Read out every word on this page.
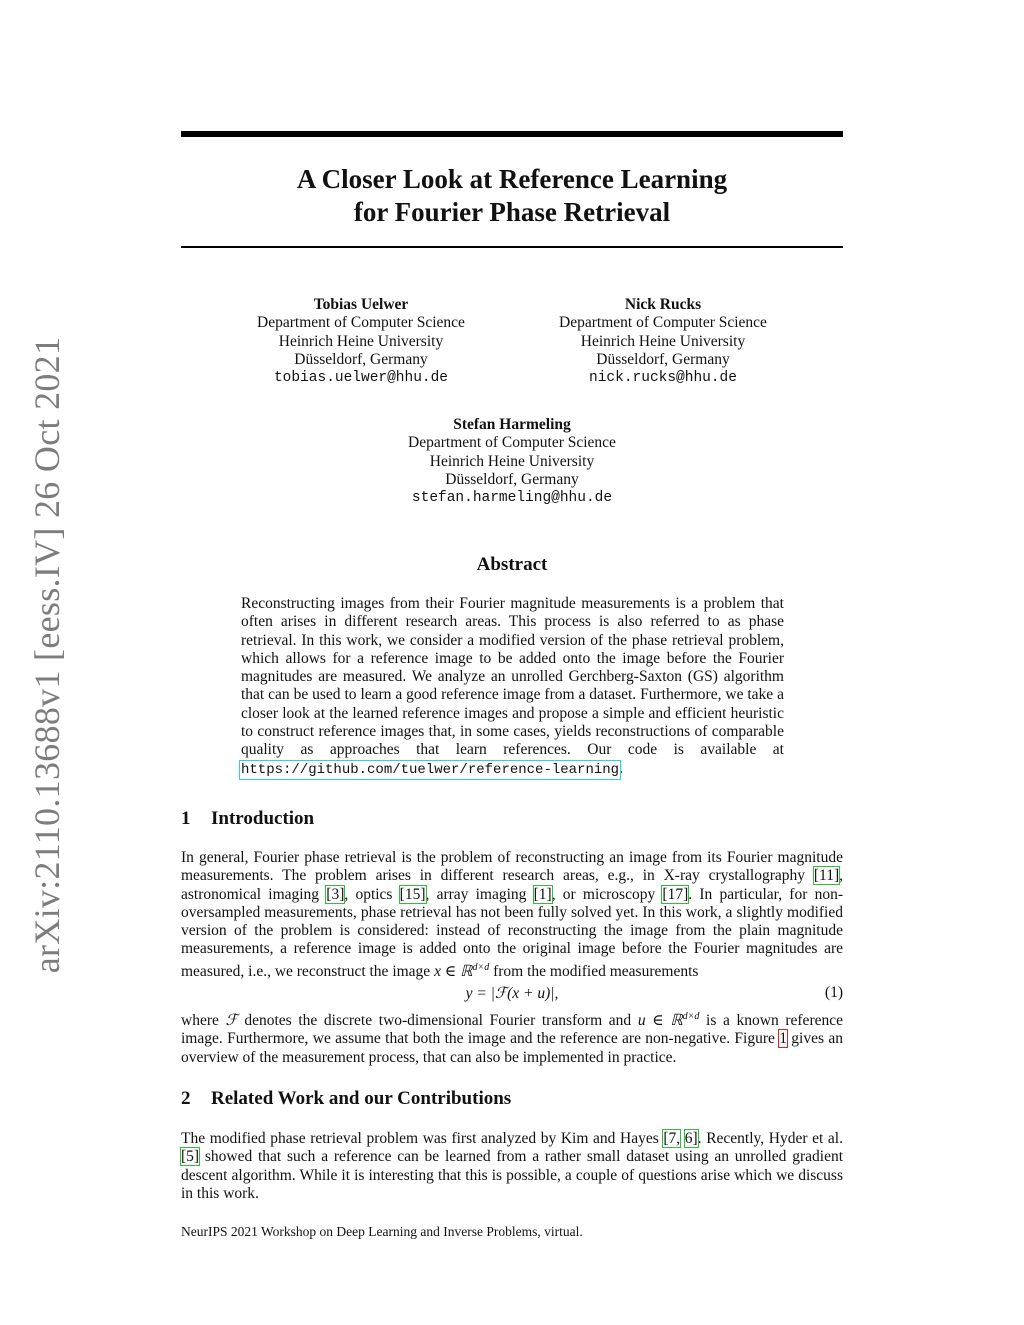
arXiv:2110.13688v1 [eess.IV] 26 Oct 2021
A Closer Look at Reference Learning
for Fourier Phase Retrieval
Tobias Uelwer
Department of Computer Science
Heinrich Heine University
Düsseldorf, Germany
tobias.uelwer@hhu.de
Nick Rucks
Department of Computer Science
Heinrich Heine University
Düsseldorf, Germany
nick.rucks@hhu.de
Stefan Harmeling
Department of Computer Science
Heinrich Heine University
Düsseldorf, Germany
stefan.harmeling@hhu.de
Abstract
Reconstructing images from their Fourier magnitude measurements is a problem that often arises in different research areas. This process is also referred to as phase retrieval. In this work, we consider a modified version of the phase retrieval problem, which allows for a reference image to be added onto the image before the Fourier magnitudes are measured. We analyze an unrolled Gerchberg-Saxton (GS) algorithm that can be used to learn a good reference image from a dataset. Furthermore, we take a closer look at the learned reference images and propose a simple and efficient heuristic to construct reference images that, in some cases, yields reconstructions of comparable quality as approaches that learn references. Our code is available at https://github.com/tuelwer/reference-learning.
1 Introduction
In general, Fourier phase retrieval is the problem of reconstructing an image from its Fourier magnitude measurements. The problem arises in different research areas, e.g., in X-ray crystallography [11], astronomical imaging [3], optics [15], array imaging [1], or microscopy [17]. In particular, for non-oversampled measurements, phase retrieval has not been fully solved yet. In this work, a slightly modified version of the problem is considered: instead of reconstructing the image from the plain magnitude measurements, a reference image is added onto the original image before the Fourier magnitudes are measured, i.e., we reconstruct the image x ∈ ℝ$^{d\times d}$ from the modified measurements
y = |ℱ(x + u)|,	(1)
where ℱ denotes the discrete two-dimensional Fourier transform and u ∈ ℝ$^{d\times d}$ is a known reference image. Furthermore, we assume that both the image and the reference are non-negative. Figure 1 gives an overview of the measurement process, that can also be implemented in practice.
2 Related Work and our Contributions
The modified phase retrieval problem was first analyzed by Kim and Hayes [7, 6]. Recently, Hyder et al. [5] showed that such a reference can be learned from a rather small dataset using an unrolled gradient descent algorithm. While it is interesting that this is possible, a couple of questions arise which we discuss in this work.
NeurIPS 2021 Workshop on Deep Learning and Inverse Problems, virtual.
